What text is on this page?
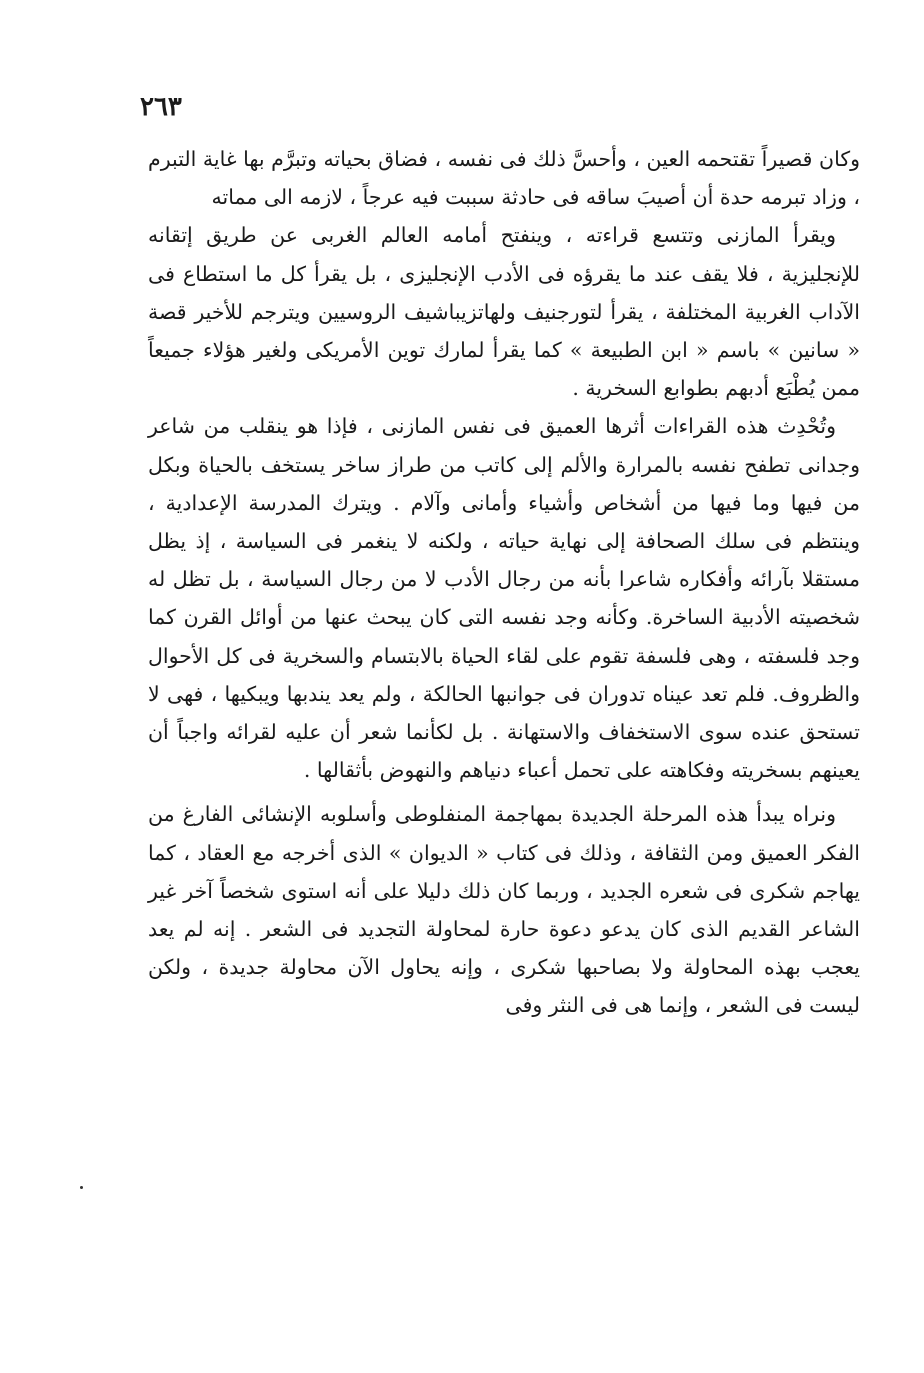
٢٦٣

وكان قصيراً تقتحمه العين ، وأحسَّ ذلك فى نفسه ، فضاق بحياته وتبرَّم بها غاية التبرم ، وزاد تبرمه حدة أن أصيبَ ساقه فى حادثة سببت فيه عرجاً ، لازمه الى مماته

ويقرأ المازنى وتتسع قراءته ، وينفتح أمامه العالم الغربى عن طريق إتقانه للإنجليزية ، فلا يقف عند ما يقرؤه فى الأدب الإنجليزى ، بل يقرأ كل ما استطاع فى الآداب الغربية المختلفة ، يقرأ لتورجنيف ولهاتزيباشيف الروسيين ويترجم للأخير قصة « سانين » باسم « ابن الطبيعة » كما يقرأ لمارك توين الأمريكى ولغير هؤلاء جميعاً ممن يُطْبَع أدبهم بطوابع السخرية .

وتُحْدِث هذه القراءات أثرها العميق فى نفس المازنى ، فإذا هو ينقلب من شاعر وجدانى تطفح نفسه بالمرارة والألم إلى كاتب من طراز ساخر يستخف بالحياة وبكل من فيها وما فيها من أشخاص وأشياء وأمانى وآلام . ويترك المدرسة الإعدادية ، وينتظم فى سلك الصحافة إلى نهاية حياته ، ولكنه لا ينغمر فى السياسة ، إذ يظل مستقلا بآرائه وأفكاره شاعرا بأنه من رجال الأدب لا من رجال السياسة ، بل تظل له شخصيته الأدبية الساخرة. وكأنه وجد نفسه التى كان يبحث عنها من أوائل القرن كما وجد فلسفته ، وهى فلسفة تقوم على لقاء الحياة بالابتسام والسخرية فى كل الأحوال والظروف. فلم تعد عيناه تدوران فى جوانبها الحالكة ، ولم يعد يندبها ويبكيها ، فهى لا تستحق عنده سوى الاستخفاف والاستهانة . بل لكأنما شعر أن عليه لقرائه واجباً أن يعينهم بسخريته وفكاهته على تحمل أعباء دنياهم والنهوض بأثقالها .

ونراه يبدأ هذه المرحلة الجديدة بمهاجمة المنفلوطى وأسلوبه الإنشائى الفارغ من الفكر العميق ومن الثقافة ، وذلك فى كتاب « الديوان » الذى أخرجه مع العقاد ، كما يهاجم شكرى فى شعره الجديد ، وربما كان ذلك دليلا على أنه استوى شخصاً آخر غير الشاعر القديم الذى كان يدعو دعوة حارة لمحاولة التجديد فى الشعر . إنه لم يعد يعجب بهذه المحاولة ولا بصاحبها شكرى ، وإنه يحاول الآن محاولة جديدة ، ولكن ليست فى الشعر ، وإنما هى فى النثر وفى
